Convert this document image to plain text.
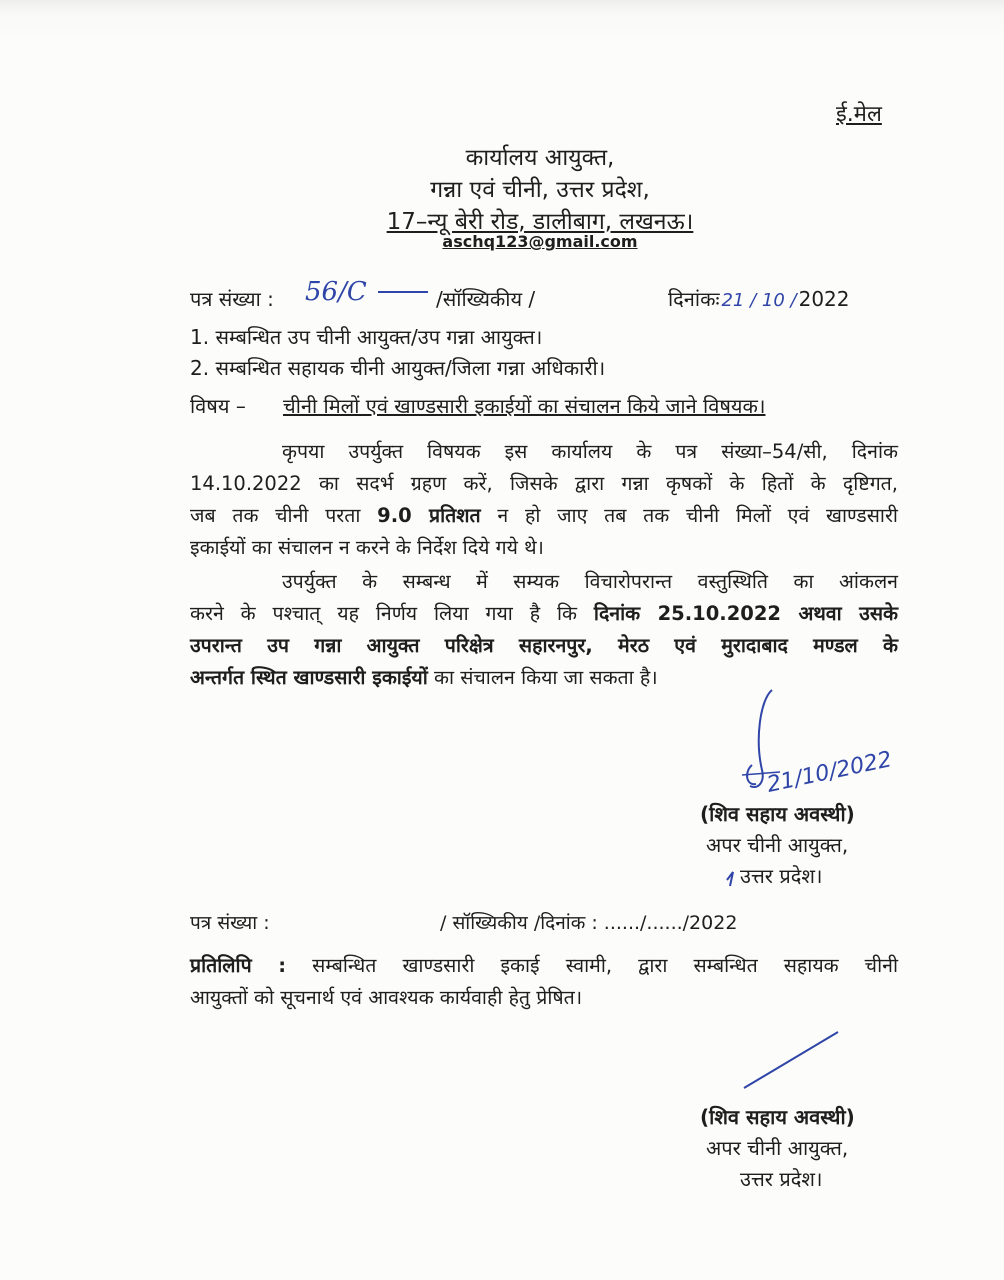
ई.मेल
कार्यालय आयुक्त,
गन्ना एवं चीनी, उत्तर प्रदेश,
17–न्यू बेरी रोड, डालीबाग, लखनऊ।
aschq123@gmail.com
पत्र संख्या : 56/C	/सॉख्यिकीय /	दिनांकः 21 / 10 / 2022
1. सम्बन्धित उप चीनी आयुक्त/उप गन्ना आयुक्त।
2. सम्बन्धित सहायक चीनी आयुक्त/जिला गन्ना अधिकारी।
विषय – चीनी मिलों एवं खाण्डसारी इकाईयों का संचालन किये जाने विषयक।
कृपया उपर्युक्त विषयक इस कार्यालय के पत्र संख्या–54/सी, दिनांक
14.10.2022 का सदर्भ ग्रहण करें, जिसके द्वारा गन्ना कृषकों के हितों के दृष्टिगत,
जब तक चीनी परता 9.0 प्रतिशत न हो जाए तब तक चीनी मिलों एवं खाण्डसारी
इकाईयों का संचालन न करने के निर्देश दिये गये थे।
उपर्युक्त के सम्बन्ध में सम्यक विचारोपरान्त वस्तुस्थिति का आंकलन
करने के पश्चात् यह निर्णय लिया गया है कि दिनांक 25.10.2022 अथवा उसके
उपरान्त उप गन्ना आयुक्त परिक्षेत्र सहारनपुर, मेरठ एवं मुरादाबाद मण्डल के
अन्तर्गत स्थित खाण्डसारी इकाईयों का संचालन किया जा सकता है।
21/10/2022
(शिव सहाय अवस्थी)
अपर चीनी आयुक्त,
उत्तर प्रदेश।
पत्र संख्या :	/ सॉख्यिकीय /दिनांक : ....../....../2022
प्रतिलिपि : सम्बन्धित खाण्डसारी इकाई स्वामी, द्वारा सम्बन्धित सहायक चीनी
आयुक्तों को सूचनार्थ एवं आवश्यक कार्यवाही हेतु प्रेषित।
(शिव सहाय अवस्थी)
अपर चीनी आयुक्त,
उत्तर प्रदेश।
